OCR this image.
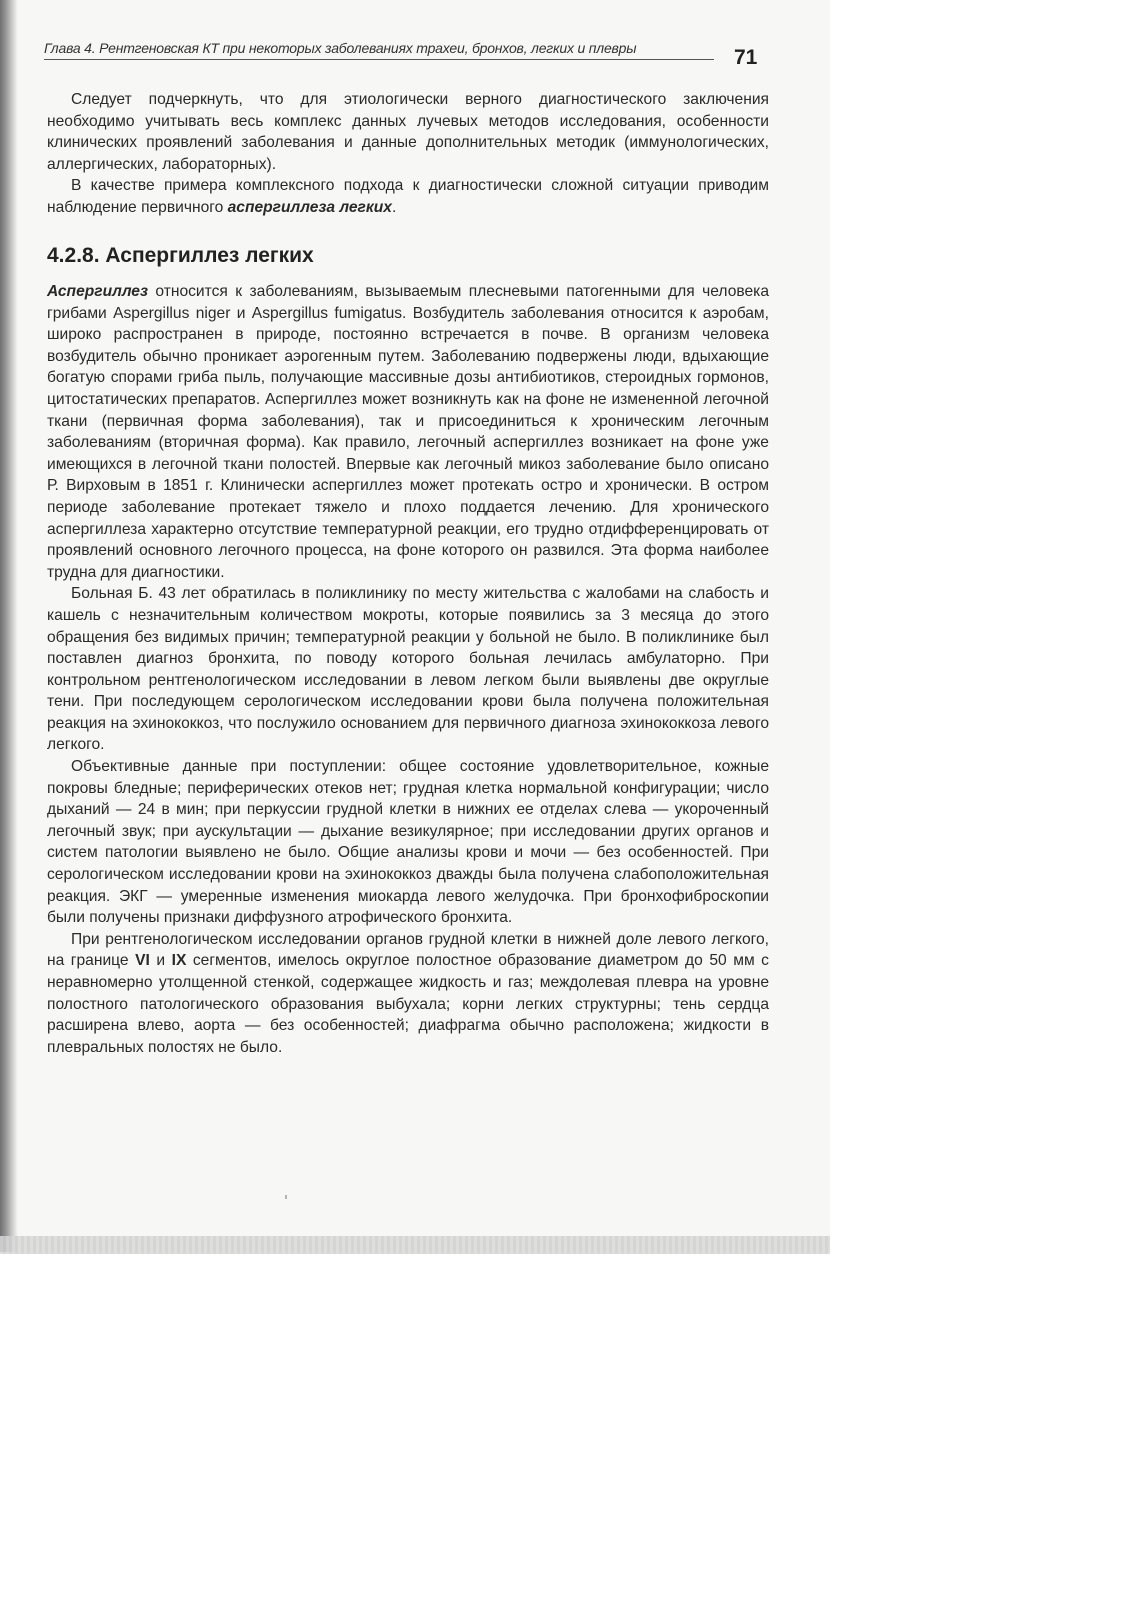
Глава 4. Рентгеновская КТ при некоторых заболеваниях трахеи, бронхов, легких и плевры	71

Следует подчеркнуть, что для этиологически верного диагностического заключения необходимо учитывать весь комплекс данных лучевых методов исследования, особенности клинических проявлений заболевания и данные дополнительных методик (иммунологических, аллергических, лабораторных).

В качестве примера комплексного подхода к диагностически сложной ситуации приводим наблюдение первичного аспергиллеза легких.

4.2.8. Аспергиллез легких

Аспергиллез относится к заболеваниям, вызываемым плесневыми патогенными для человека грибами Aspergillus niger и Aspergillus fumigatus. Возбудитель заболевания относится к аэробам, широко распространен в природе, постоянно встречается в почве. В организм человека возбудитель обычно проникает аэрогенным путем. Заболеванию подвержены люди, вдыхающие богатую спорами гриба пыль, получающие массивные дозы антибиотиков, стероидных гормонов, цитостатических препаратов. Аспергиллез может возникнуть как на фоне не измененной легочной ткани (первичная форма заболевания), так и присоединиться к хроническим легочным заболеваниям (вторичная форма). Как правило, легочный аспергиллез возникает на фоне уже имеющихся в легочной ткани полостей. Впервые как легочный микоз заболевание было описано Р. Вирховым в 1851 г. Клинически аспергиллез может протекать остро и хронически. В остром периоде заболевание протекает тяжело и плохо поддается лечению. Для хронического аспергиллеза характерно отсутствие температурной реакции, его трудно отдифференцировать от проявлений основного легочного процесса, на фоне которого он развился. Эта форма наиболее трудна для диагностики.

Больная Б. 43 лет обратилась в поликлинику по месту жительства с жалобами на слабость и кашель с незначительным количеством мокроты, которые появились за 3 месяца до этого обращения без видимых причин; температурной реакции у больной не было. В поликлинике был поставлен диагноз бронхита, по поводу которого больная лечилась амбулаторно. При контрольном рентгенологическом исследовании в левом легком были выявлены две округлые тени. При последующем серологическом исследовании крови была получена положительная реакция на эхинококкоз, что послужило основанием для первичного диагноза эхинококкоза левого легкого.

Объективные данные при поступлении: общее состояние удовлетворительное, кожные покровы бледные; периферических отеков нет; грудная клетка нормальной конфигурации; число дыханий — 24 в мин; при перкуссии грудной клетки в нижних ее отделах слева — укороченный легочный звук; при аускультации — дыхание везикулярное; при исследовании других органов и систем патологии выявлено не было. Общие анализы крови и мочи — без особенностей. При серологическом исследовании крови на эхинококкоз дважды была получена слабоположительная реакция. ЭКГ — умеренные изменения миокарда левого желудочка. При бронхофиброскопии были получены признаки диффузного атрофического бронхита.

При рентгенологическом исследовании органов грудной клетки в нижней доле левого легкого, на границе VI и IX сегментов, имелось округлое полостное образование диаметром до 50 мм с неравномерно утолщенной стенкой, содержащее жидкость и газ; междолевая плевра на уровне полостного патологического образования выбухала; корни легких структурны; тень сердца расширена влево, аорта — без особенностей; диафрагма обычно расположена; жидкости в плевральных полостях не было.
